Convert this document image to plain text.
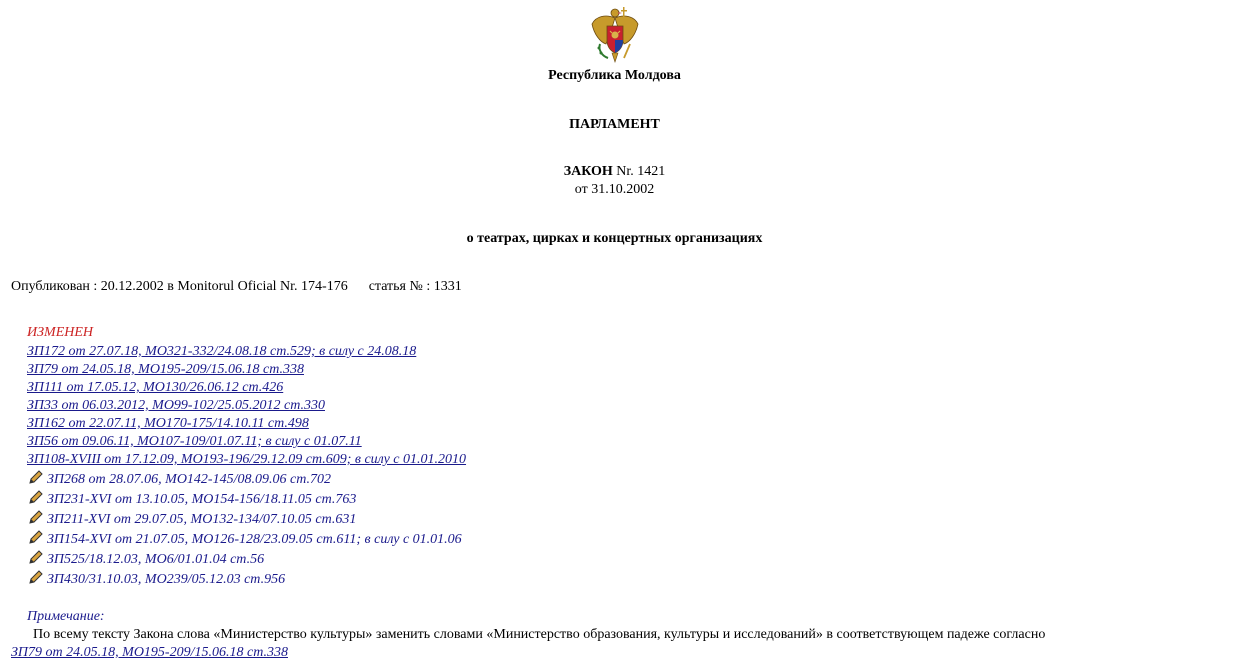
Республика Молдова
ПАРЛАМЕНТ
ЗАКОН Nr. 1421
от 31.10.2002
о театрах, цирках и концертных организациях
Опубликован : 20.12.2002 в Monitorul Oficial Nr. 174-176      статья № : 1331
ИЗМЕНЕН
ЗП172 от 27.07.18, МО321-332/24.08.18 ст.529; в силу с 24.08.18
ЗП79 от 24.05.18, МО195-209/15.06.18 ст.338
ЗП111 от 17.05.12, МО130/26.06.12 ст.426
ЗП33 от 06.03.2012, МО99-102/25.05.2012 ст.330
ЗП162 от 22.07.11, МО170-175/14.10.11 ст.498
ЗП56 от 09.06.11, МО107-109/01.07.11; в силу с 01.07.11
ЗП108-XVIII от 17.12.09, МО193-196/29.12.09 ст.609; в силу с 01.01.2010
ЗП268 от 28.07.06, МО142-145/08.09.06 ст.702
ЗП231-XVI от 13.10.05, МО154-156/18.11.05 ст.763
ЗП211-XVI от 29.07.05, МО132-134/07.10.05 ст.631
ЗП154-XVI от 21.07.05, МО126-128/23.09.05 ст.611; в силу с 01.01.06
ЗП525/18.12.03, МО6/01.01.04 ст.56
ЗП430/31.10.03, МО239/05.12.03 ст.956
Примечание:
По всему тексту Закона слова «Министерство культуры» заменить словами «Министерство образования, культуры и исследований» в соответствующем падеже согласно
ЗП79 от 24.05.18, МО195-209/15.06.18 ст.338
